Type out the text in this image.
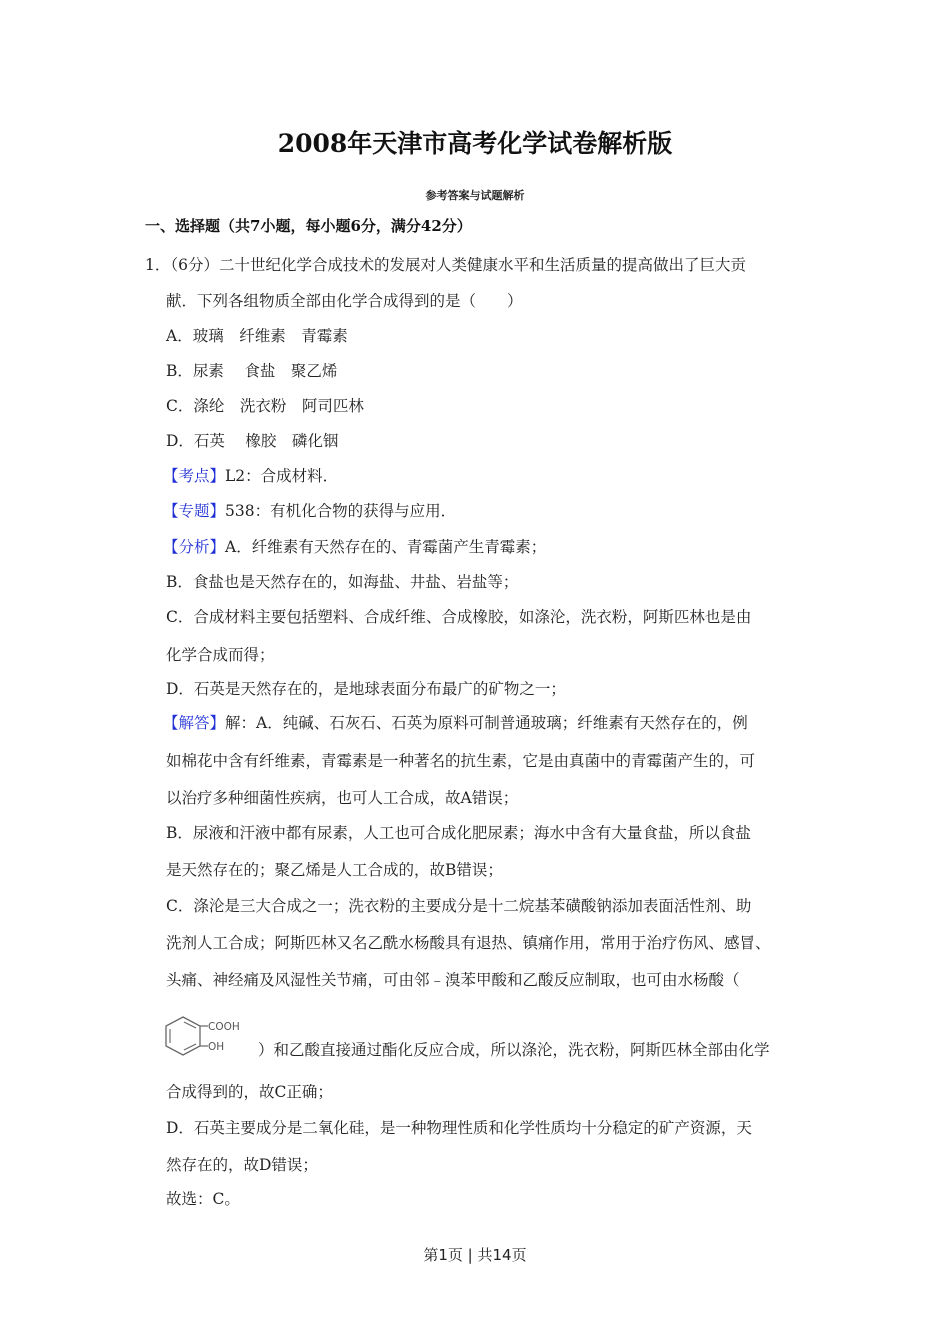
2008年天津市高考化学试卷解析版
参考答案与试题解析
一、选择题（共7小题，每小题6分，满分42分）
1．（6分）二十世纪化学合成技术的发展对人类健康水平和生活质量的提高做出了巨大贡
献．下列各组物质全部由化学合成得到的是（　　）
A．玻璃　纤维素　青霉素
B．尿素　 食盐　聚乙烯
C．涤纶　洗衣粉　阿司匹林
D．石英　 橡胶　磷化铟
【考点】L2：合成材料．
【专题】538：有机化合物的获得与应用．
【分析】A．纤维素有天然存在的、青霉菌产生青霉素；
B．食盐也是天然存在的，如海盐、井盐、岩盐等；
C．合成材料主要包括塑料、合成纤维、合成橡胶，如涤沦，洗衣粉，阿斯匹林也是由
化学合成而得；
D．石英是天然存在的，是地球表面分布最广的矿物之一；
【解答】解：A．纯碱、石灰石、石英为原料可制普通玻璃；纤维素有天然存在的，例
如棉花中含有纤维素，青霉素是一种著名的抗生素，它是由真菌中的青霉菌产生的，可
以治疗多种细菌性疾病，也可人工合成，故A错误；
B．尿液和汗液中都有尿素，人工也可合成化肥尿素；海水中含有大量食盐，所以食盐
是天然存在的；聚乙烯是人工合成的，故B错误；
C．涤沦是三大合成之一；洗衣粉的主要成分是十二烷基苯磺酸钠添加表面活性剂、助
洗剂人工合成；阿斯匹林又名乙酰水杨酸具有退热、镇痛作用，常用于治疗伤风、感冒、
头痛、神经痛及风湿性关节痛，可由邻﹣溴苯甲酸和乙酸反应制取，也可由水杨酸（
COOH
OH ）和乙酸直接通过酯化反应合成，所以涤沦，洗衣粉，阿斯匹林全部由化学
合成得到的，故C正确；
D．石英主要成分是二氧化硅，是一种物理性质和化学性质均十分稳定的矿产资源，天
然存在的，故D错误；
故选：C。
第1页 | 共14页
